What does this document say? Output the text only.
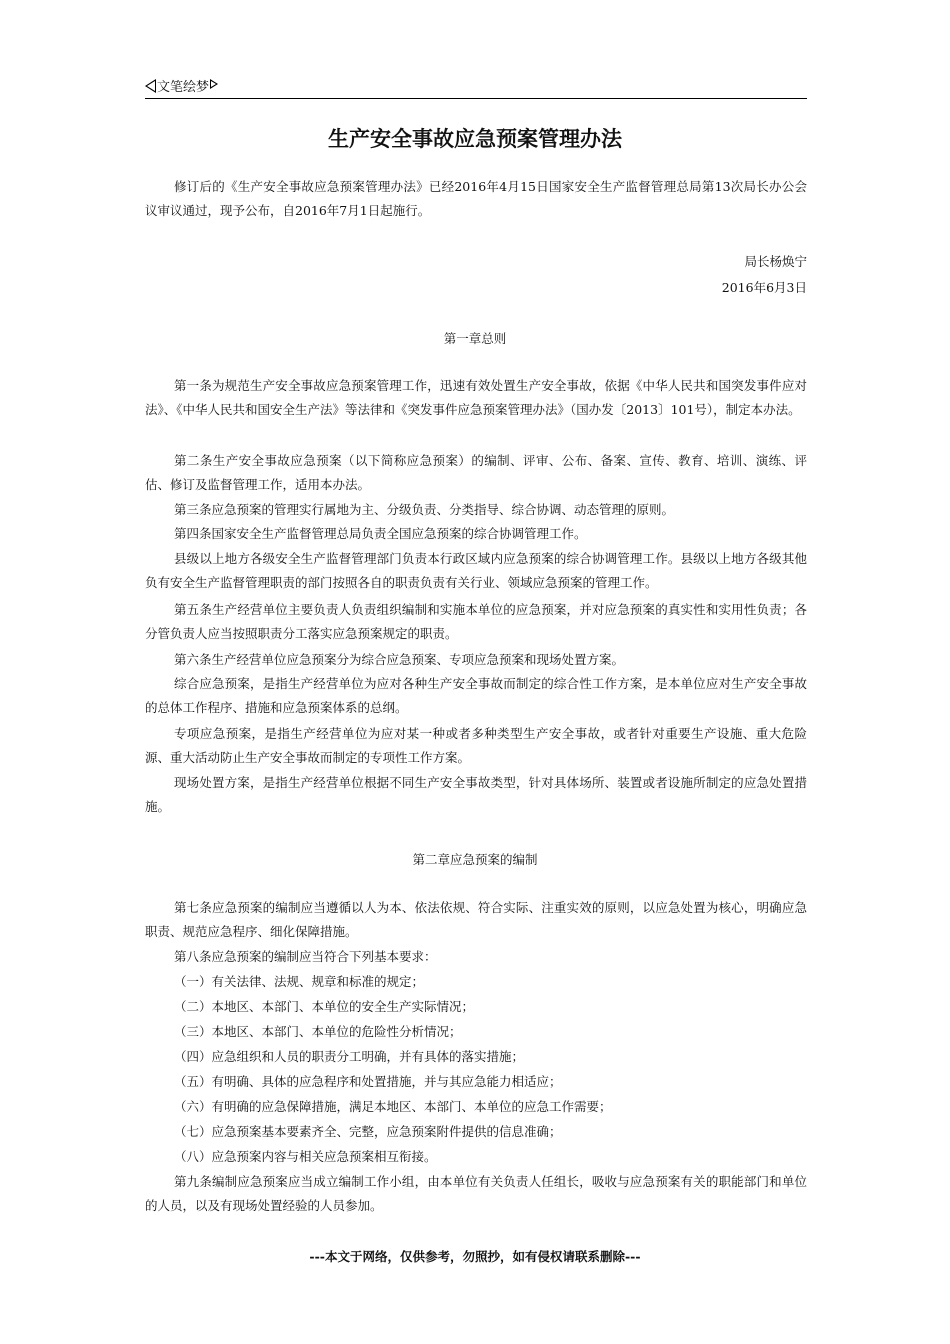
文笔绘梦
生产安全事故应急预案管理办法

修订后的《生产安全事故应急预案管理办法》已经2016年4月15日国家安全生产监督管理总局第13次局长办公会议审议通过，现予公布，自2016年7月1日起施行。

局长杨焕宁
2016年6月3日
第一章总则

第一条为规范生产安全事故应急预案管理工作，迅速有效处置生产安全事故，依据《中华人民共和国突发事件应对法》、《中华人民共和国安全生产法》等法律和《突发事件应急预案管理办法》（国办发〔2013〕101号），制定本办法。

第二条生产安全事故应急预案（以下简称应急预案）的编制、评审、公布、备案、宣传、教育、培训、演练、评估、修订及监督管理工作，适用本办法。

第三条应急预案的管理实行属地为主、分级负责、分类指导、综合协调、动态管理的原则。

第四条国家安全生产监督管理总局负责全国应急预案的综合协调管理工作。

县级以上地方各级安全生产监督管理部门负责本行政区域内应急预案的综合协调管理工作。县级以上地方各级其他负有安全生产监督管理职责的部门按照各自的职责负责有关行业、领域应急预案的管理工作。

第五条生产经营单位主要负责人负责组织编制和实施本单位的应急预案，并对应急预案的真实性和实用性负责；各分管负责人应当按照职责分工落实应急预案规定的职责。

第六条生产经营单位应急预案分为综合应急预案、专项应急预案和现场处置方案。

综合应急预案，是指生产经营单位为应对各种生产安全事故而制定的综合性工作方案，是本单位应对生产安全事故的总体工作程序、措施和应急预案体系的总纲。

专项应急预案，是指生产经营单位为应对某一种或者多种类型生产安全事故，或者针对重要生产设施、重大危险源、重大活动防止生产安全事故而制定的专项性工作方案。

现场处置方案，是指生产经营单位根据不同生产安全事故类型，针对具体场所、装置或者设施所制定的应急处置措施。

第二章应急预案的编制

第七条应急预案的编制应当遵循以人为本、依法依规、符合实际、注重实效的原则，以应急处置为核心，明确应急职责、规范应急程序、细化保障措施。

第八条应急预案的编制应当符合下列基本要求：

（一）有关法律、法规、规章和标准的规定；

（二）本地区、本部门、本单位的安全生产实际情况；

（三）本地区、本部门、本单位的危险性分析情况；

（四）应急组织和人员的职责分工明确，并有具体的落实措施；

（五）有明确、具体的应急程序和处置措施，并与其应急能力相适应；

（六）有明确的应急保障措施，满足本地区、本部门、本单位的应急工作需要；

（七）应急预案基本要素齐全、完整，应急预案附件提供的信息准确；

（八）应急预案内容与相关应急预案相互衔接。

第九条编制应急预案应当成立编制工作小组，由本单位有关负责人任组长，吸收与应急预案有关的职能部门和单位的人员，以及有现场处置经验的人员参加。

---本文于网络，仅供参考，勿照抄，如有侵权请联系删除---
